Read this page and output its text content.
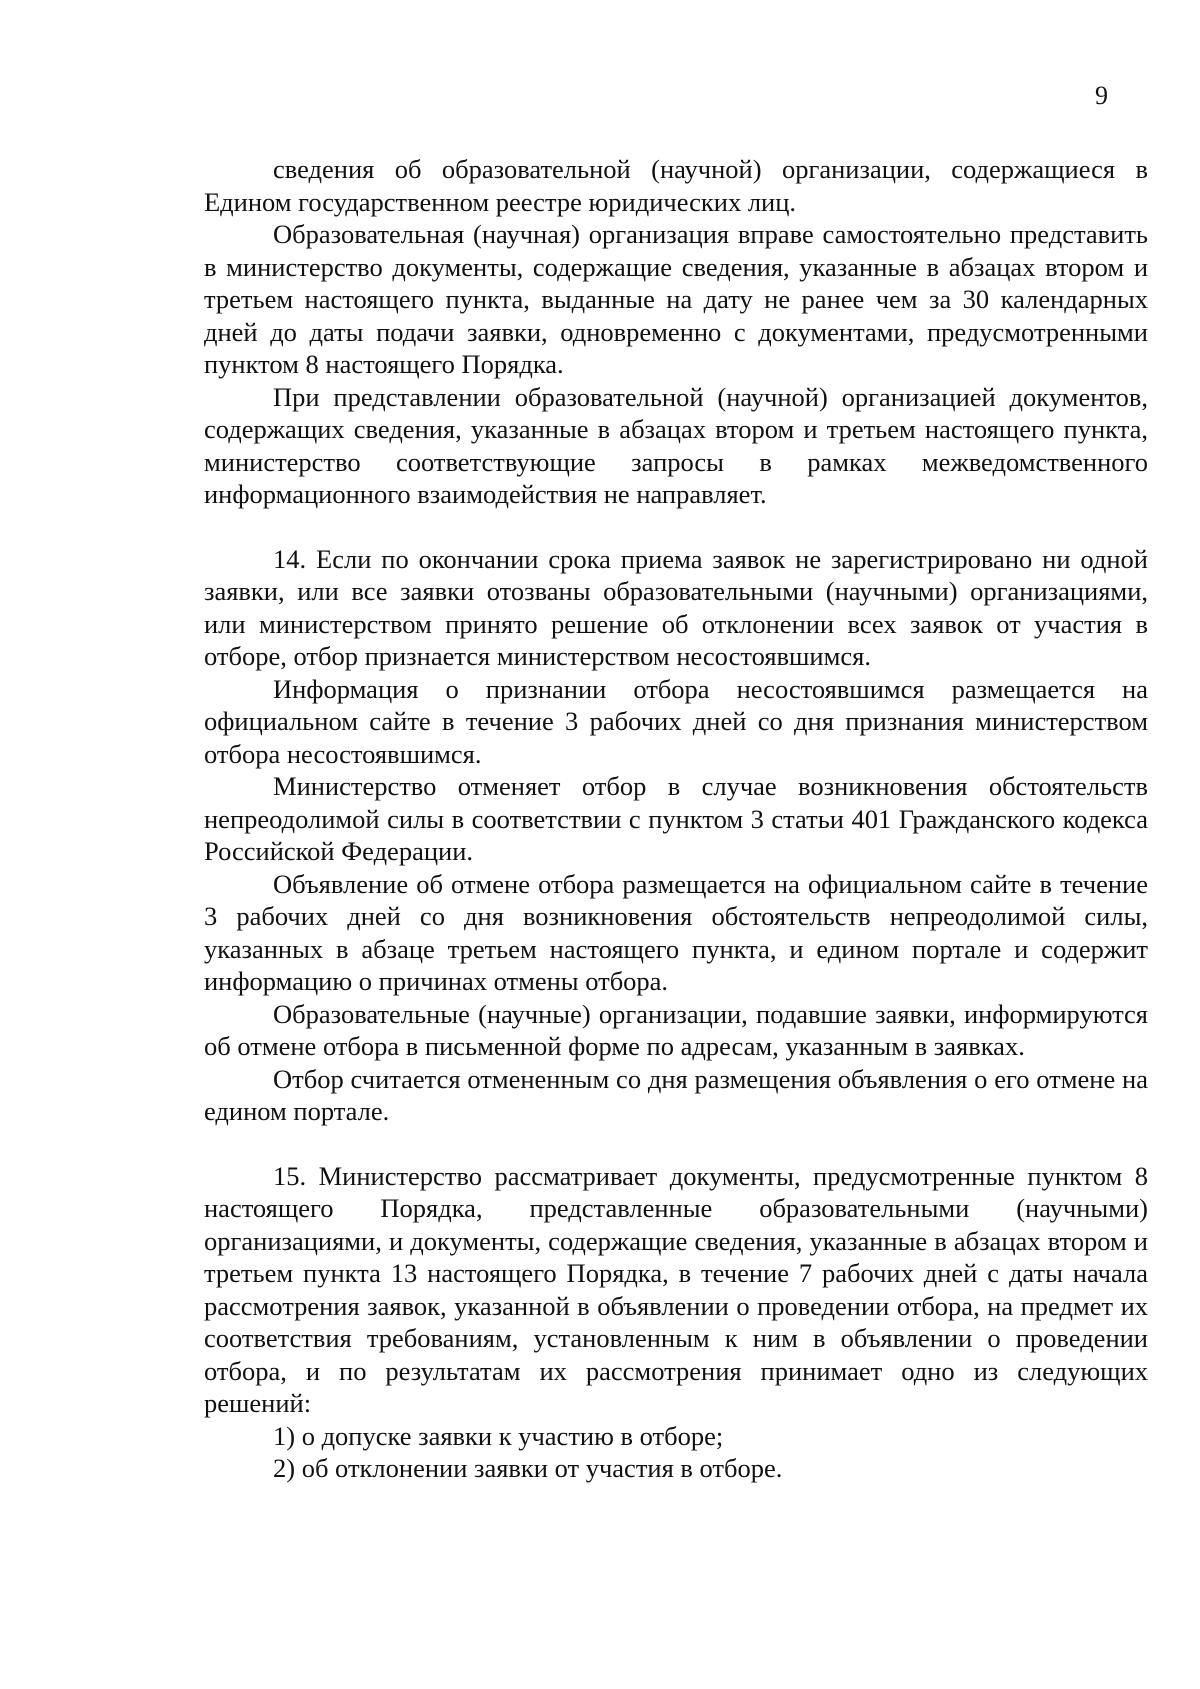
9

сведения об образовательной (научной) организации, содержащиеся в Едином государственном реестре юридических лиц.

Образовательная (научная) организация вправе самостоятельно представить в министерство документы, содержащие сведения, указанные в абзацах втором и третьем настоящего пункта, выданные на дату не ранее чем за 30 календарных дней до даты подачи заявки, одновременно с документами, предусмотренными пунктом 8 настоящего Порядка.

При представлении образовательной (научной) организацией документов, содержащих сведения, указанные в абзацах втором и третьем настоящего пункта, министерство соответствующие запросы в рамках межведомственного информационного взаимодействия не направляет.

14. Если по окончании срока приема заявок не зарегистрировано ни одной заявки, или все заявки отозваны образовательными (научными) организациями, или министерством принято решение об отклонении всех заявок от участия в отборе, отбор признается министерством несостоявшимся.

Информация о признании отбора несостоявшимся размещается на официальном сайте в течение 3 рабочих дней со дня признания министерством отбора несостоявшимся.

Министерство отменяет отбор в случае возникновения обстоятельств непреодолимой силы в соответствии с пунктом 3 статьи 401 Гражданского кодекса Российской Федерации.

Объявление об отмене отбора размещается на официальном сайте в течение 3 рабочих дней со дня возникновения обстоятельств непреодолимой силы, указанных в абзаце третьем настоящего пункта, и едином портале и содержит информацию о причинах отмены отбора.

Образовательные (научные) организации, подавшие заявки, информируются об отмене отбора в письменной форме по адресам, указанным в заявках.

Отбор считается отмененным со дня размещения объявления о его отмене на едином портале.

15. Министерство рассматривает документы, предусмотренные пунктом 8 настоящего Порядка, представленные образовательными (научными) организациями, и документы, содержащие сведения, указанные в абзацах втором и третьем пункта 13 настоящего Порядка, в течение 7 рабочих дней с даты начала рассмотрения заявок, указанной в объявлении о проведении отбора, на предмет их соответствия требованиям, установленным к ним в объявлении о проведении отбора, и по результатам их рассмотрения принимает одно из следующих решений:

1) о допуске заявки к участию в отборе;

2) об отклонении заявки от участия в отборе.
